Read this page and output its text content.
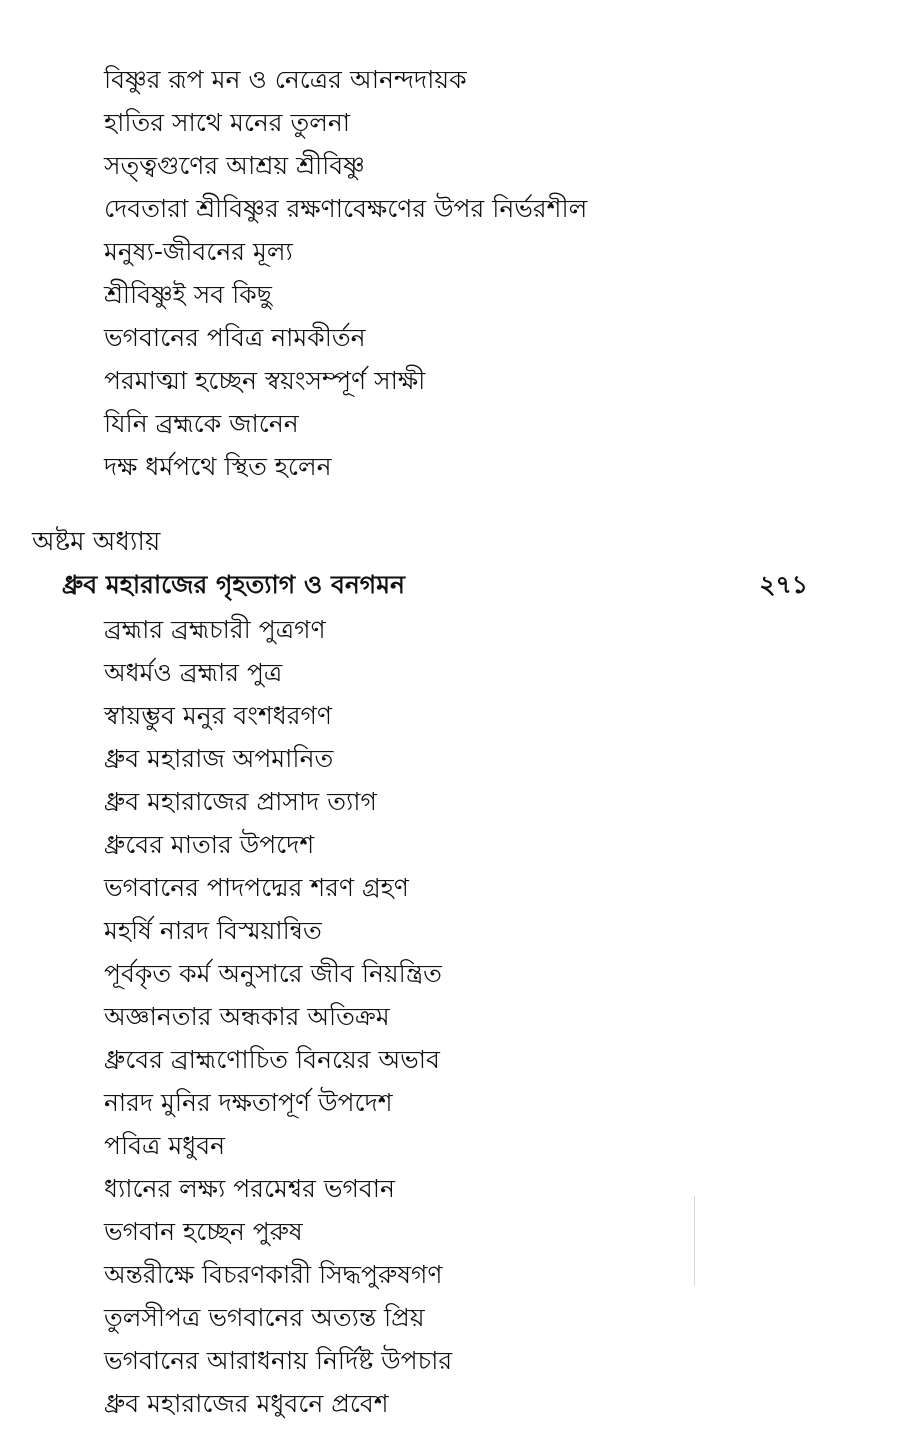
বিষ্ণুর রূপ মন ও নেত্রের আনন্দদায়ক
হাতির সাথে মনের তুলনা
সত্ত্বগুণের আশ্রয় শ্রীবিষ্ণু
দেবতারা শ্রীবিষ্ণুর রক্ষণাবেক্ষণের উপর নির্ভরশীল
মনুষ্য-জীবনের মূল্য
শ্রীবিষ্ণুই সব কিছু
ভগবানের পবিত্র নামকীর্তন
পরমাত্মা হচ্ছেন স্বয়ংসম্পূর্ণ সাক্ষী
যিনি ব্রহ্মকে জানেন
দক্ষ ধর্মপথে স্থিত হলেন
অষ্টম অধ্যায়
ধ্রুব মহারাজের গৃহত্যাগ ও বনগমন	২৭১
ব্রহ্মার ব্রহ্মচারী পুত্রগণ
অধর্মও ব্রহ্মার পুত্র
স্বায়ম্ভুব মনুর বংশধরগণ
ধ্রুব মহারাজ অপমানিত
ধ্রুব মহারাজের প্রাসাদ ত্যাগ
ধ্রুবের মাতার উপদেশ
ভগবানের পাদপদ্মের শরণ গ্রহণ
মহর্ষি নারদ বিস্ময়ান্বিত
পূর্বকৃত কর্ম অনুসারে জীব নিয়ন্ত্রিত
অজ্ঞানতার অন্ধকার অতিক্রম
ধ্রুবের ব্রাহ্মণোচিত বিনয়ের অভাব
নারদ মুনির দক্ষতাপূর্ণ উপদেশ
পবিত্র মধুবন
ধ্যানের লক্ষ্য পরমেশ্বর ভগবান
ভগবান হচ্ছেন পুরুষ
অন্তরীক্ষে বিচরণকারী সিদ্ধপুরুষগণ
তুলসীপত্র ভগবানের অত্যন্ত প্রিয়
ভগবানের আরাধনায় নির্দিষ্ট উপচার
ধ্রুব মহারাজের মধুবনে প্রবেশ
